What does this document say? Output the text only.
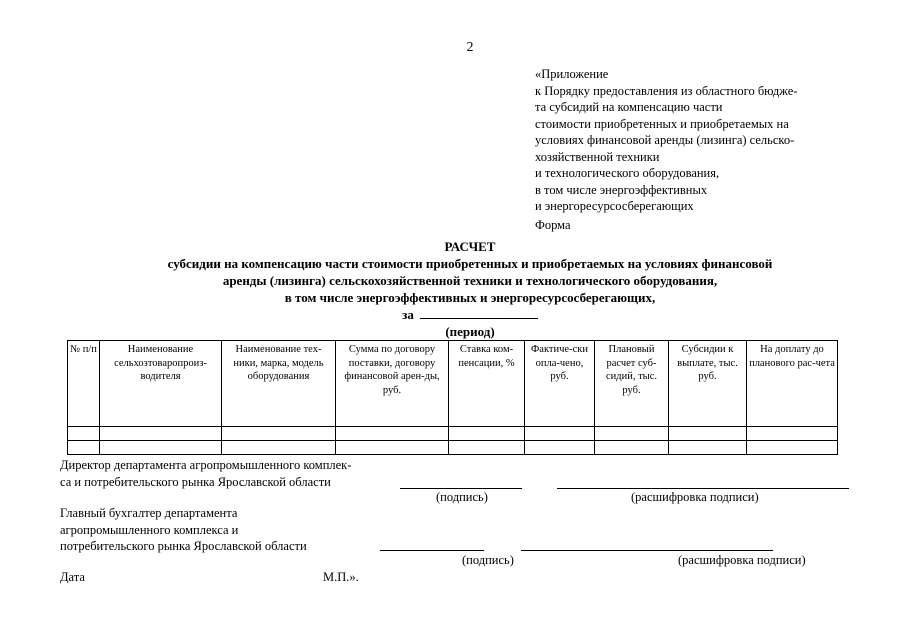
2
«Приложение
к Порядку предоставления из областного бюдже-
та субсидий на компенсацию части
стоимости приобретенных и приобретаемых на
условиях финансовой аренды (лизинга) сельско-
хозяйственной техники
и технологического оборудования,
в том числе энергоэффективных
и энергоресурсосберегающих
Форма
РАСЧЕТ
субсидии на компенсацию части стоимости приобретенных и приобретаемых на условиях финансовой
аренды (лизинга) сельскохозяйственной техники и технологического оборудования,
в том числе энергоэффективных и энергоресурсосберегающих,
за
(период)
№ п/п	Наименование сельхозтоваропроиз-водителя	Наименование тех-ники, марка, модель оборудования	Сумма по договору поставки, договору финансовой арен-ды, руб.	Ставка ком-пенсации, %	Фактиче-ски опла-чено, руб.	Плановый расчет суб-сидий, тыс. руб.	Субсидии к выплате, тыс. руб.	На доплату до планового рас-чета

Директор департамента агропромышленного комплек-
са и потребительского рынка Ярославской области
(подпись)	(расшифровка подписи)
Главный бухгалтер департамента
агропромышленного комплекса и
потребительского рынка Ярославской области
(подпись)	(расшифровка подписи)
Дата	М.П.».
